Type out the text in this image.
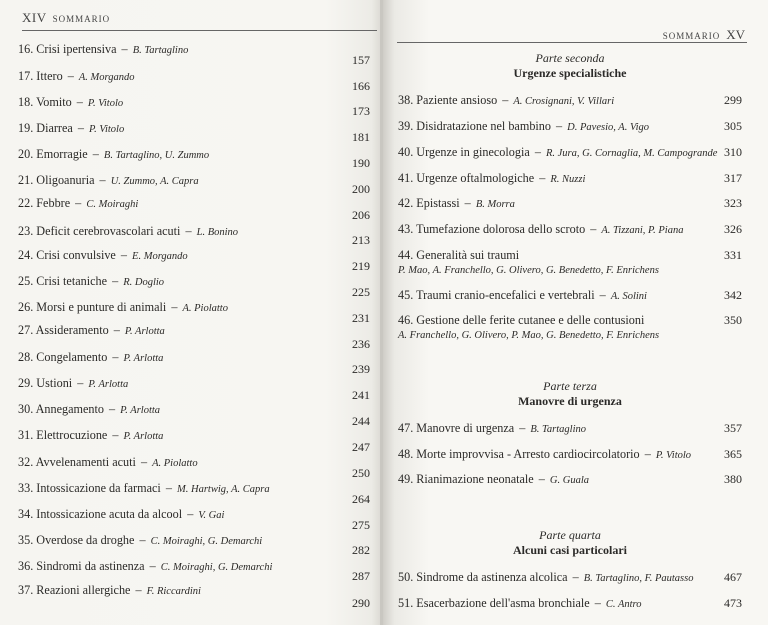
XIV SOMMARIO
16. Crisi ipertensiva – B. Tartaglino
157
17. Ittero – A. Morgando
166
18. Vomito – P. Vitolo
173
19. Diarrea – P. Vitolo
181
20. Emorragie – B. Tartaglino, U. Zummo
190
21. Oligoanuria – U. Zummo, A. Capra
200
22. Febbre – C. Moiraghi
206
23. Deficit cerebrovascolari acuti – L. Bonino
213
24. Crisi convulsive – E. Morgando
219
25. Crisi tetaniche – R. Doglio
225
26. Morsi e punture di animali – A. Piolatto
231
27. Assideramento – P. Arlotta
236
28. Congelamento – P. Arlotta
239
29. Ustioni – P. Arlotta
241
30. Annegamento – P. Arlotta
244
31. Elettrocuzione – P. Arlotta
247
32. Avvelenamenti acuti – A. Piolatto
250
33. Intossicazione da farmaci – M. Hartwig, A. Capra
264
34. Intossicazione acuta da alcool – V. Gai
275
35. Overdose da droghe – C. Moiraghi, G. Demarchi
282
36. Sindromi da astinenza – C. Moiraghi, G. Demarchi
287
37. Reazioni allergiche – F. Riccardini
290
SOMMARIO XV
Parte seconda
Urgenze specialistiche
38. Paziente ansioso – A. Crosignani, V. Villari	299
39. Disidratazione nel bambino – D. Pavesio, A. Vigo	305
40. Urgenze in ginecologia – R. Jura, G. Cornaglia, M. Campogrande 310
41. Urgenze oftalmologiche – R. Nuzzi	317
42. Epistassi – B. Morra	323
43. Tumefazione dolorosa dello scroto – A. Tizzani, P. Piana	326
44. Generalità sui traumi
P. Mao, A. Franchello, G. Olivero, G. Benedetto, F. Enrichens
331
45. Traumi cranio-encefalici e vertebrali – A. Solini	342
46. Gestione delle ferite cutanee e delle contusioni
A. Franchello, G. Olivero, P. Mao, G. Benedetto, F. Enrichens
350
Parte terza
Manovre di urgenza
47. Manovre di urgenza – B. Tartaglino	357
48. Morte improvvisa - Arresto cardiocircolatorio – P. Vitolo	365
49. Rianimazione neonatale – G. Guala	380
Parte quarta
Alcuni casi particolari
50. Sindrome da astinenza alcolica – B. Tartaglino, F. Pautasso	467
51. Esacerbazione dell'asma bronchiale – C. Antro	473
